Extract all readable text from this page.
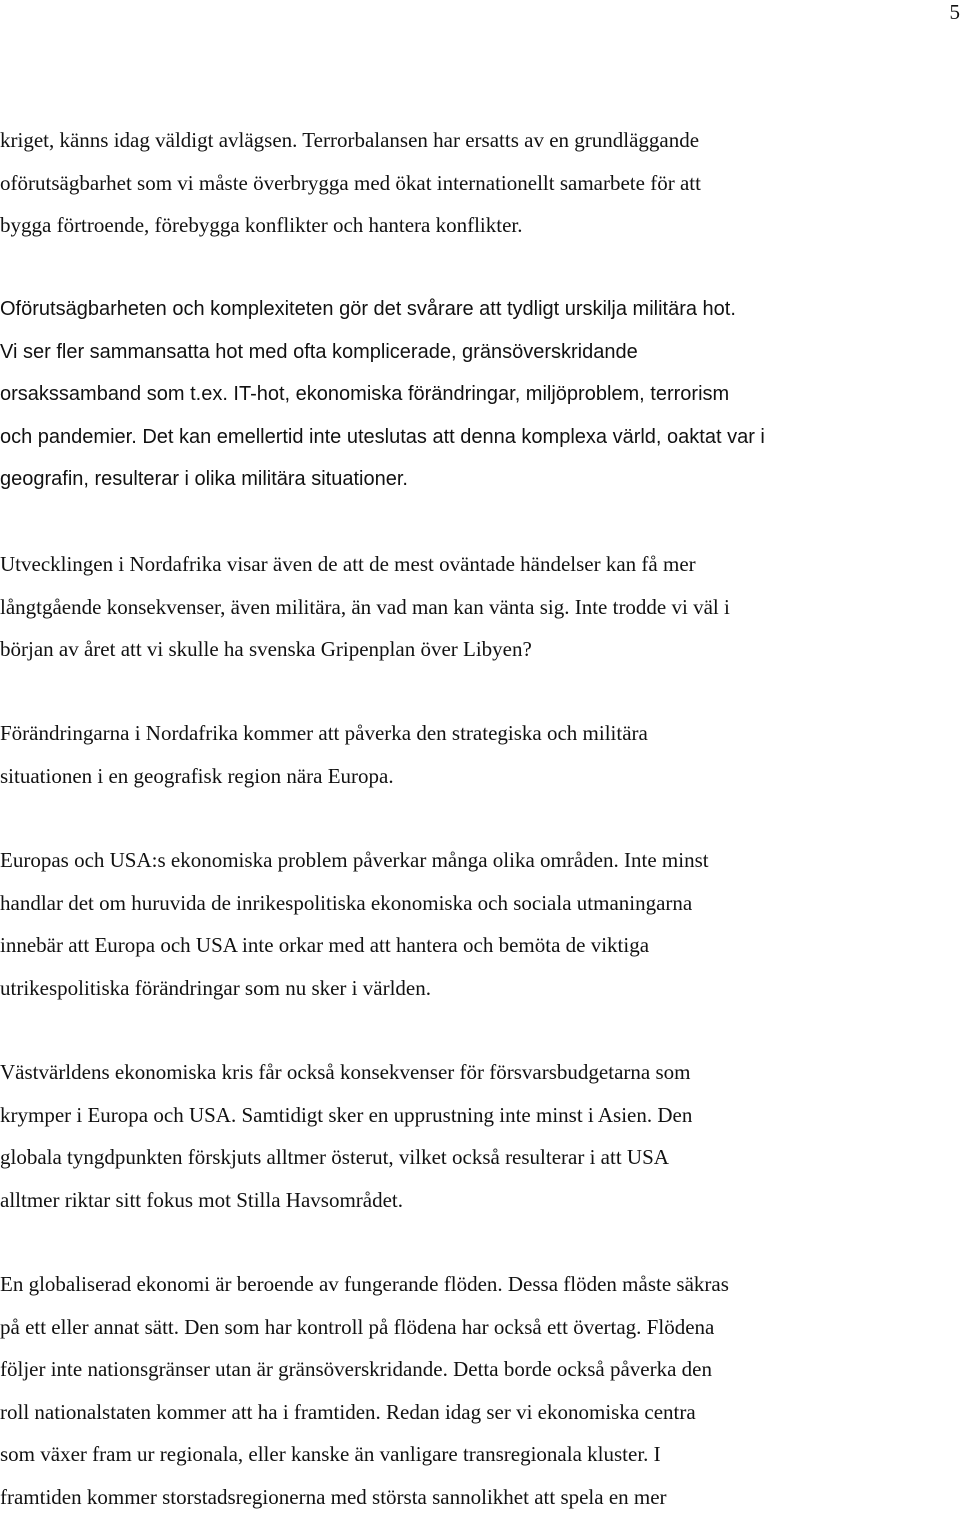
5

kriget, känns idag väldigt avlägsen. Terrorbalansen har ersatts av en grundläggande
oförutsägbarhet som vi måste överbrygga med ökat internationellt samarbete för att
bygga förtroende, förebygga konflikter och hantera konflikter.

Oförutsägbarheten och komplexiteten gör det svårare att tydligt urskilja militära hot.
Vi ser fler sammansatta hot med ofta komplicerade, gränsöverskridande
orsakssamband som t.ex. IT-hot, ekonomiska förändringar, miljöproblem, terrorism
och pandemier. Det kan emellertid inte uteslutas att denna komplexa värld, oaktat var i
geografin, resulterar i olika militära situationer.

Utvecklingen i Nordafrika visar även de att de mest oväntade händelser kan få mer
långtgående konsekvenser, även militära, än vad man kan vänta sig. Inte trodde vi väl i
början av året att vi skulle ha svenska Gripenplan över Libyen?

Förändringarna i Nordafrika kommer att påverka den strategiska och militära
situationen i en geografisk region nära Europa.

Europas och USA:s ekonomiska problem påverkar många olika områden. Inte minst
handlar det om huruvida de inrikespolitiska ekonomiska och sociala utmaningarna
innebär att Europa och USA inte orkar med att hantera och bemöta de viktiga
utrikespolitiska förändringar som nu sker i världen.

Västvärldens ekonomiska kris får också konsekvenser för försvarsbudgetarna som
krymper i Europa och USA. Samtidigt sker en upprustning inte minst i Asien. Den
globala tyngdpunkten förskjuts alltmer österut, vilket också resulterar i att USA
alltmer riktar sitt fokus mot Stilla Havsområdet.

En globaliserad ekonomi är beroende av fungerande flöden. Dessa flöden måste säkras
på ett eller annat sätt. Den som har kontroll på flödena har också ett övertag. Flödena
följer inte nationsgränser utan är gränsöverskridande. Detta borde också påverka den
roll nationalstaten kommer att ha i framtiden. Redan idag ser vi ekonomiska centra
som växer fram ur regionala, eller kanske än vanligare transregionala kluster. I
framtiden kommer storstadsregionerna med största sannolikhet att spela en mer
